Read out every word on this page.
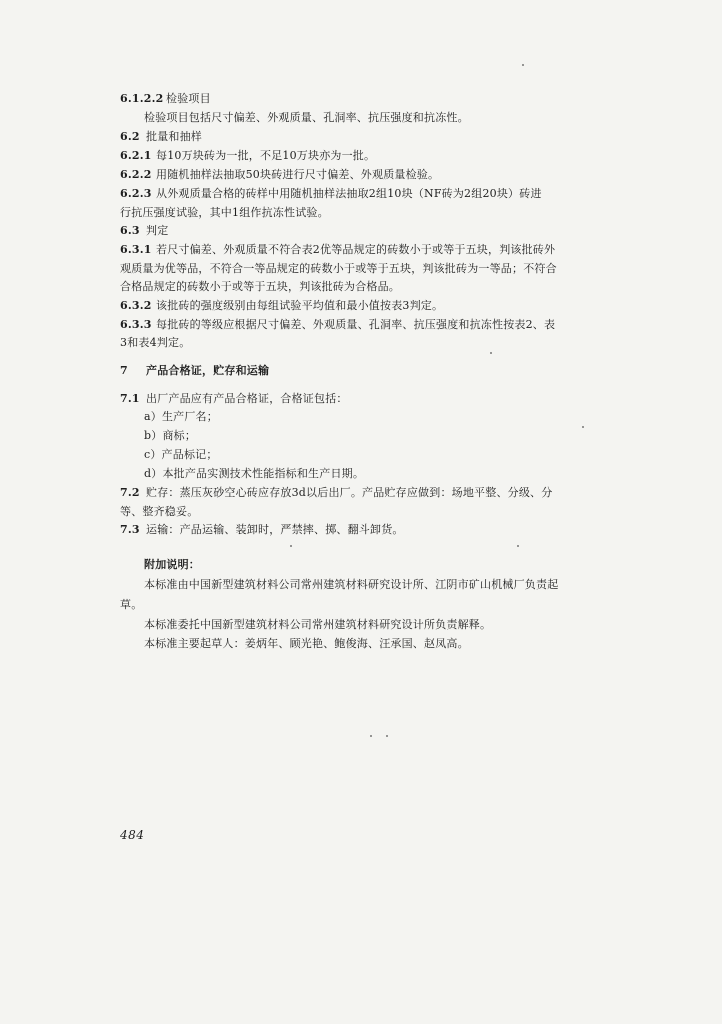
6.1.2.2 检验项目
检验项目包括尺寸偏差、外观质量、孔洞率、抗压强度和抗冻性。
6.2 批量和抽样
6.2.1 每10万块砖为一批，不足10万块亦为一批。
6.2.2 用随机抽样法抽取50块砖进行尺寸偏差、外观质量检验。
6.2.3 从外观质量合格的砖样中用随机抽样法抽取2组10块（NF砖为2组20块）砖进
行抗压强度试验，其中1组作抗冻性试验。
6.3 判定
6.3.1 若尺寸偏差、外观质量不符合表2优等品规定的砖数小于或等于五块，判该批砖外
观质量为优等品，不符合一等品规定的砖数小于或等于五块，判该批砖为一等品；不符合
合格品规定的砖数小于或等于五块，判该批砖为合格品。
6.3.2 该批砖的强度级别由每组试验平均值和最小值按表3判定。
6.3.3 每批砖的等级应根据尺寸偏差、外观质量、孔洞率、抗压强度和抗冻性按表2、表
3和表4判定。
7 产品合格证，贮存和运输
7.1 出厂产品应有产品合格证，合格证包括：
a）生产厂名；
b）商标；
c）产品标记；
d）本批产品实测技术性能指标和生产日期。
7.2 贮存：蒸压灰砂空心砖应存放3d以后出厂。产品贮存应做到：场地平整、分级、分
等、整齐稳妥。
7.3 运输：产品运输、装卸时，严禁摔、掷、翻斗卸货。
附加说明：
本标准由中国新型建筑材料公司常州建筑材料研究设计所、江阴市矿山机械厂负责起
草。
本标准委托中国新型建筑材料公司常州建筑材料研究设计所负责解释。
本标准主要起草人：姜炳年、顾光艳、鲍俊海、汪承国、赵凤高。
484
